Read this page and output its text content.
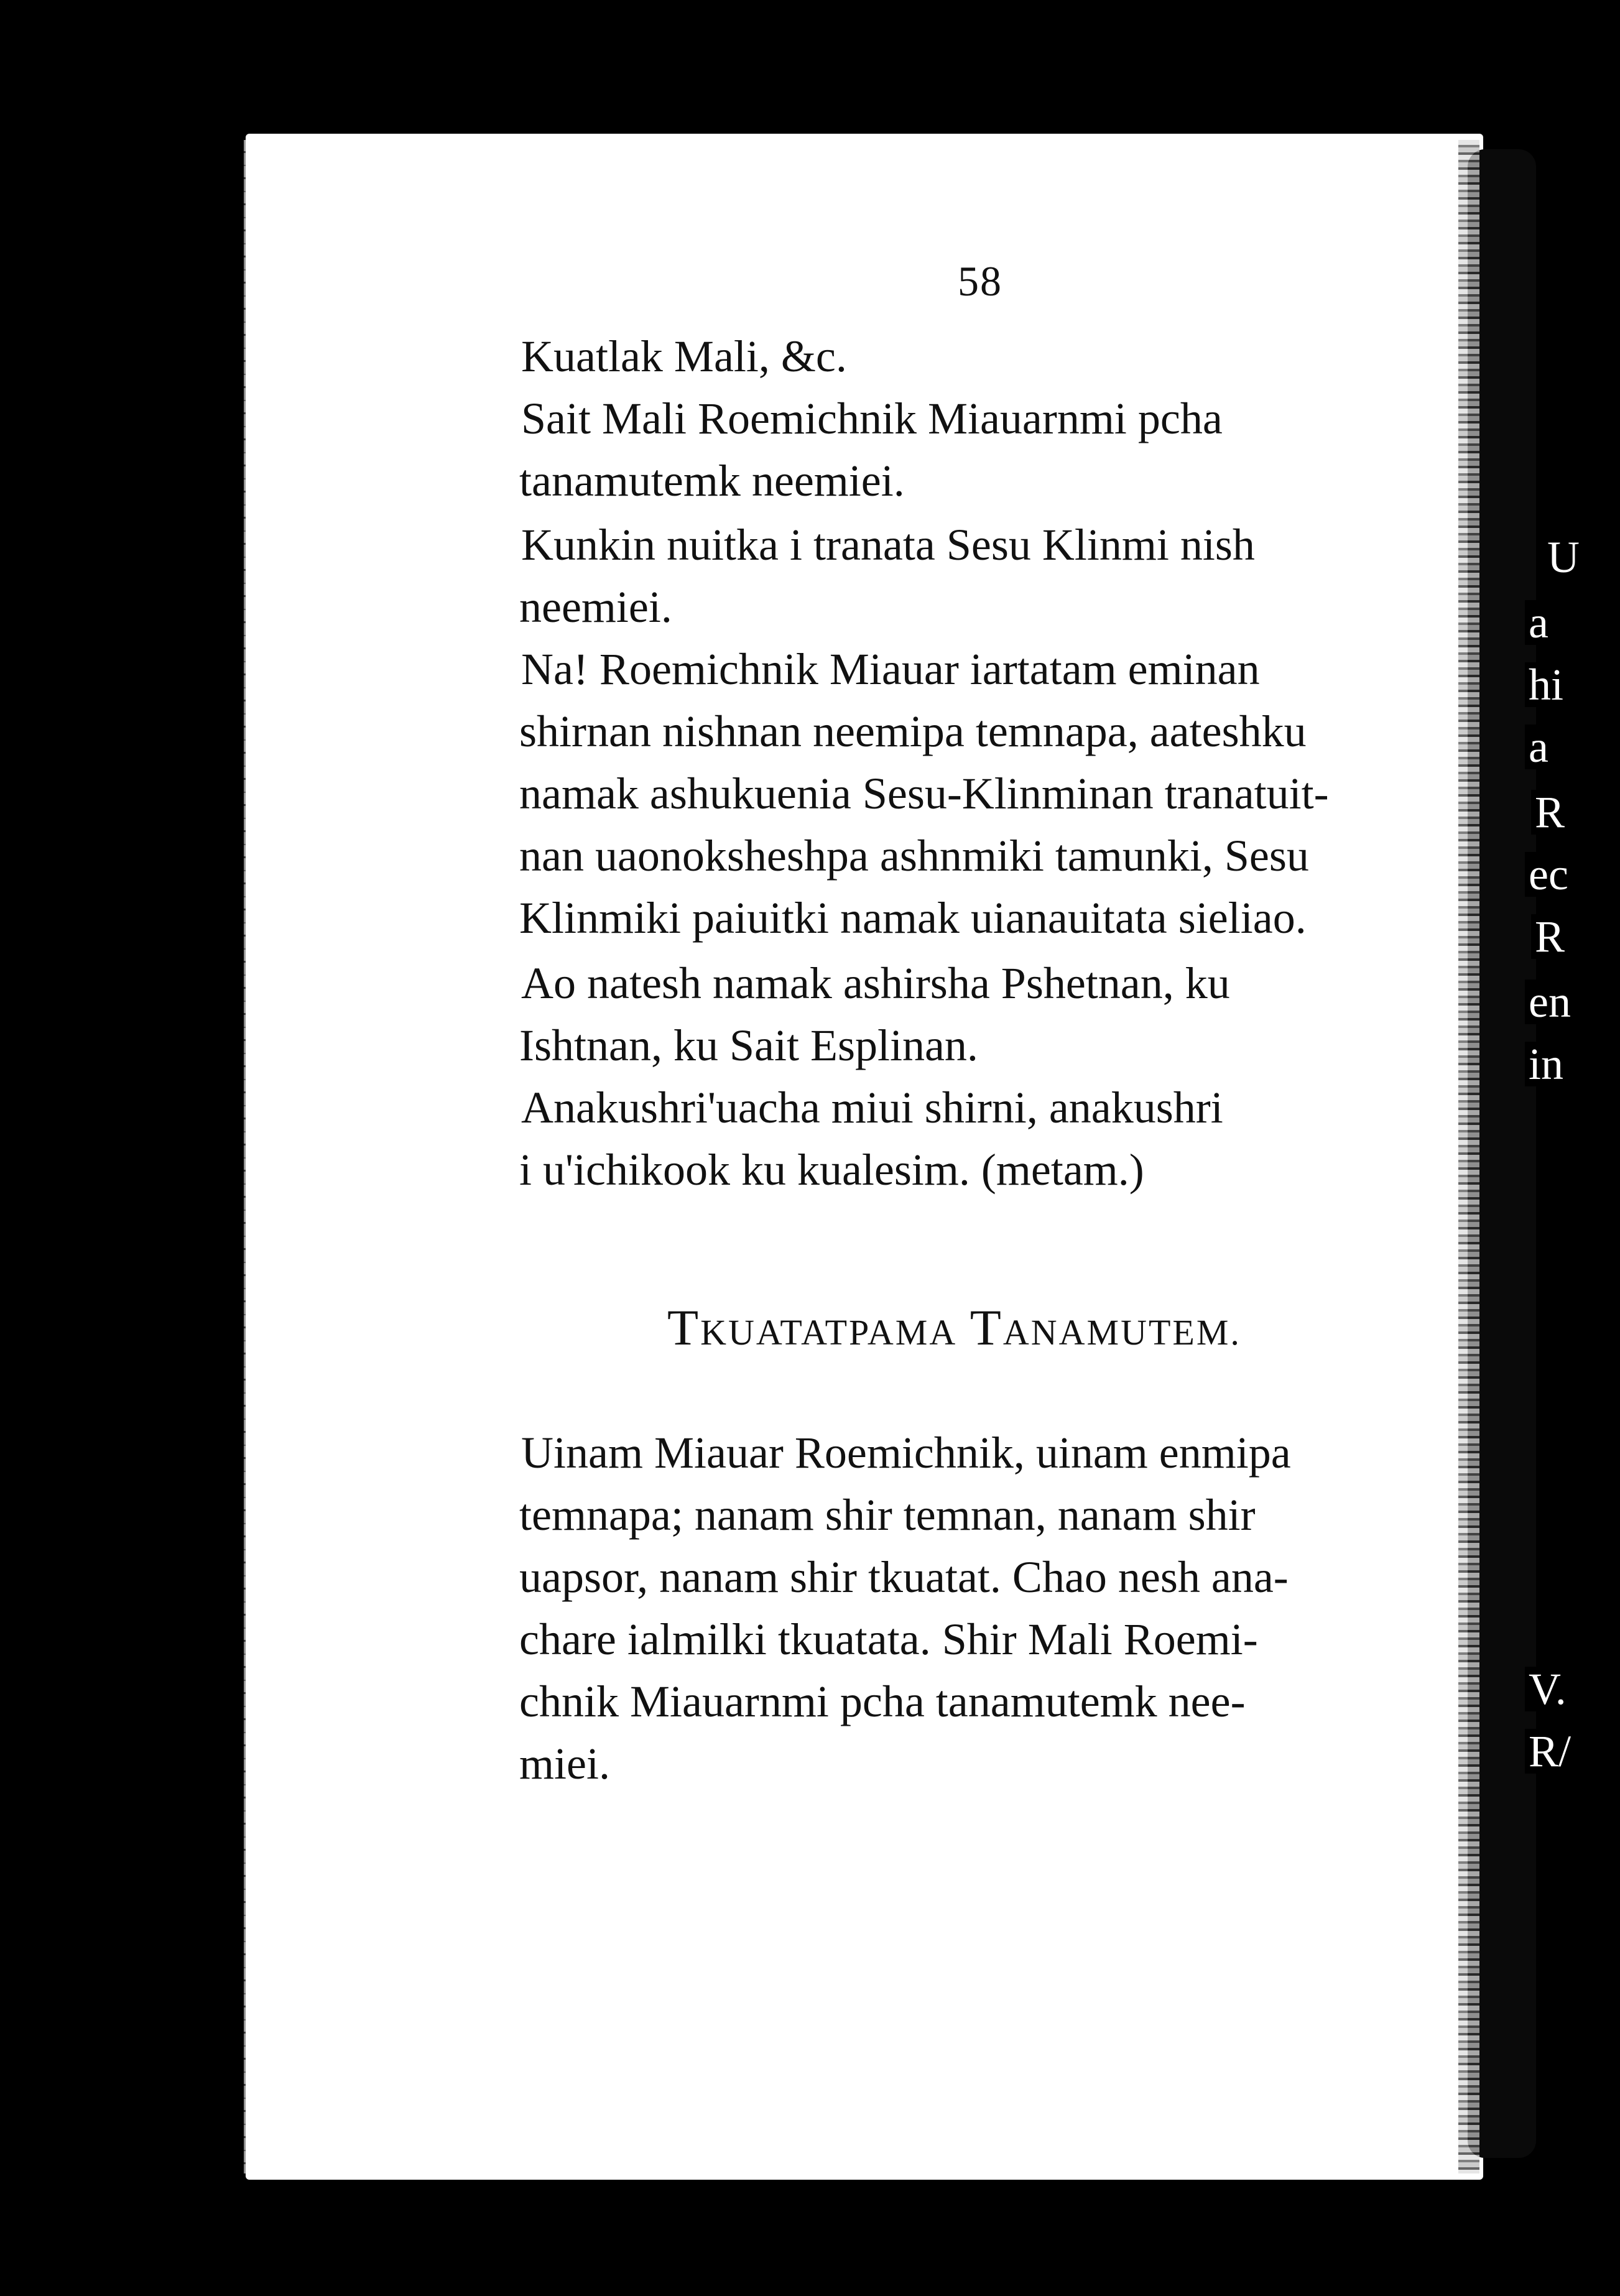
58
Kuatlak Mali, &c.
Sait Mali Roemichnik Miauarnmi pcha
tanamutemk neemiei.
Kunkin nuitka i tranata Sesu Klinmi nish
neemiei.
Na! Roemichnik Miauar iartatam eminan
shirnan nishnan neemipa temnapa, aateshku
namak ashukuenia Sesu-Klinminan tranatuit-
nan uaonoksheshpa ashnmiki tamunki, Sesu
Klinmiki paiuitki namak uianauitata sieliao.
Ao natesh namak ashirsha Pshetnan, ku
Ishtnan, ku Sait Esplinan.
Anakushri'uacha miui shirni, anakushri
i u'ichikook ku kualesim. (metam.)
TKUATATPAMA TANAMUTEM.
Uinam Miauar Roemichnik, uinam enmipa
temnapa; nanam shir temnan, nanam shir
uapsor, nanam shir tkuatat. Chao nesh ana-
chare ialmilki tkuatata. Shir Mali Roemi-
chnik Miauarnmi pcha tanamutemk nee-
miei.
U
a
hi
a
R
ec
R
en
in
V.
R/
